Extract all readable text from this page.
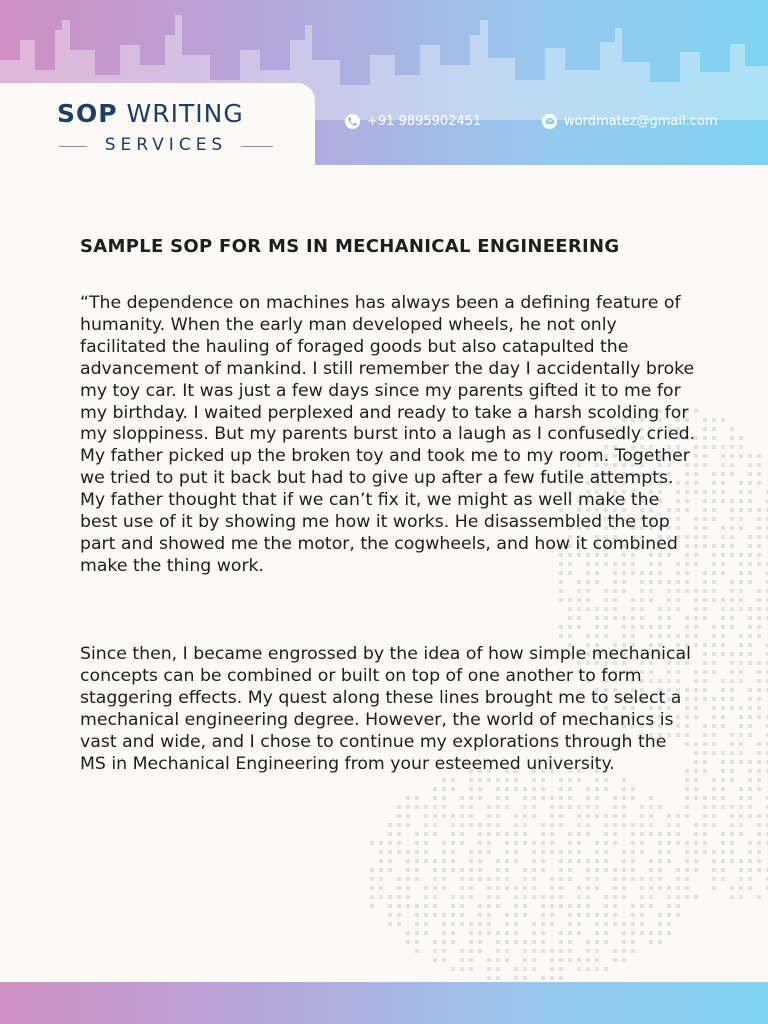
SOP WRITING
SERVICES
+91 9895902451	wordmatez@gmail.com
SAMPLE SOP FOR MS IN MECHANICAL ENGINEERING

“The dependence on machines has always been a defining feature of humanity. When the early man developed wheels, he not only facilitated the hauling of foraged goods but also catapulted the advancement of mankind. I still remember the day I accidentally broke my toy car. It was just a few days since my parents gifted it to me for my birthday. I waited perplexed and ready to take a harsh scolding for my sloppiness. But my parents burst into a laugh as I confusedly cried. My father picked up the broken toy and took me to my room. Together we tried to put it back but had to give up after a few futile attempts. My father thought that if we can’t fix it, we might as well make the best use of it by showing me how it works. He disassembled the top part and showed me the motor, the cogwheels, and how it combined make the thing work.

Since then, I became engrossed by the idea of how simple mechanical concepts can be combined or built on top of one another to form staggering effects. My quest along these lines brought me to select a mechanical engineering degree. However, the world of mechanics is vast and wide, and I chose to continue my explorations through the MS in Mechanical Engineering from your esteemed university.
